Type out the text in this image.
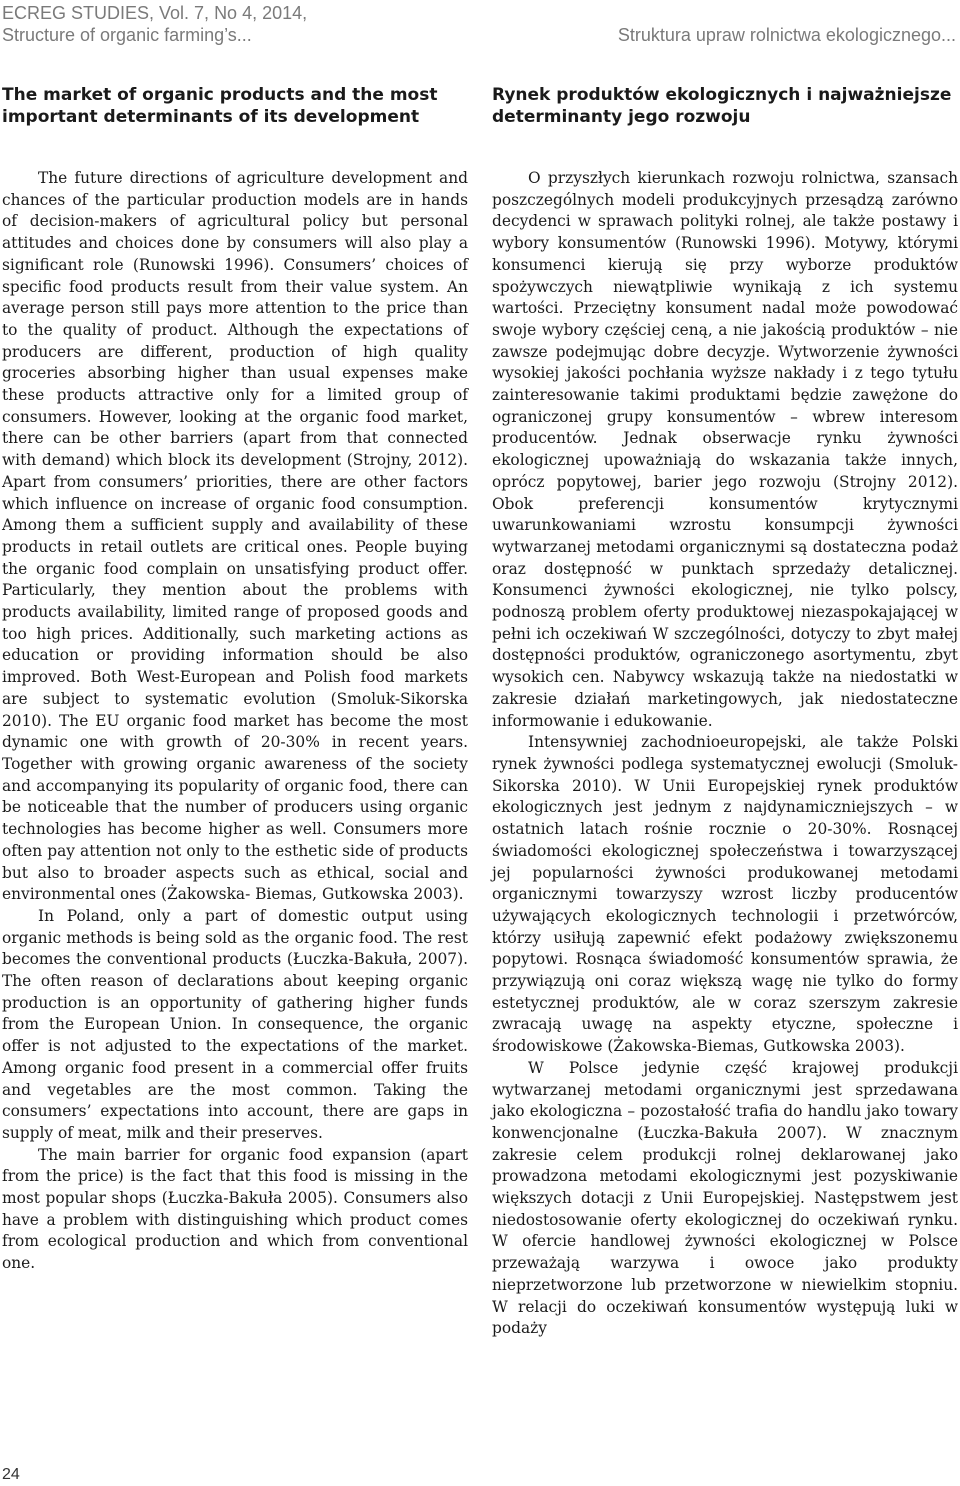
ECREG STUDIES, Vol. 7, No 4, 2014,
Structure of organic farming’s...	Struktura upraw rolnictwa ekologicznego...
The market of organic products and the most important determinants of its development

The future directions of agriculture development and chances of the particular production models are in hands of decision-makers of agricultural policy but personal attitudes and choices done by consumers will also play a significant role (Runowski 1996). Consumers’ choices of specific food products result from their value system. An average person still pays more attention to the price than to the quality of product. Although the expectations of producers are different, production of high quality groceries absorbing higher than usual expenses make these products attractive only for a limited group of consumers. However, looking at the organic food market, there can be other barriers (apart from that connected with demand) which block its development (Strojny, 2012). Apart from consumers’ priorities, there are other factors which influence on increase of organic food consumption. Among them a sufficient supply and availability of these products in retail outlets are critical ones. People buying the organic food complain on unsatisfying product offer. Particularly, they mention about the problems with products availability, limited range of proposed goods and too high prices. Additionally, such marketing actions as education or providing information should be also improved. Both West-European and Polish food markets are subject to systematic evolution (Smoluk-Sikorska 2010). The EU organic food market has become the most dynamic one with growth of 20-30% in recent years. Together with growing organic awareness of the society and accompanying its popularity of organic food, there can be noticeable that the number of producers using organic technologies has become higher as well. Consumers more often pay attention not only to the esthetic side of products but also to broader aspects such as ethical, social and environmental ones (Żakowska- Biemas, Gutkowska 2003).

In Poland, only a part of domestic output using organic methods is being sold as the organic food. The rest becomes the conventional products (Łuczka-Bakuła, 2007). The often reason of declarations about keeping organic production is an opportunity of gathering higher funds from the European Union. In consequence, the organic offer is not adjusted to the expectations of the market. Among organic food present in a commercial offer fruits and vegetables are the most common. Taking the consumers’ expectations into account, there are gaps in supply of meat, milk and their preserves.

The main barrier for organic food expansion (apart from the price) is the fact that this food is missing in the most popular shops (Łuczka-Bakuła 2005). Consumers also have a problem with distinguishing which product comes from ecological production and which from conventional one.

Rynek produktów ekologicznych i najważniejsze determinanty jego rozwoju

O przyszłych kierunkach rozwoju rolnictwa, szansach poszczególnych modeli produkcyjnych przesądzą zarówno decydenci w sprawach polityki rolnej, ale także postawy i wybory konsumentów (Runowski 1996). Motywy, którymi konsumenci kierują się przy wyborze produktów spożywczych niewątpliwie wynikają z ich systemu wartości. Przeciętny konsument nadal może powodować swoje wybory częściej ceną, a nie jakością produktów – nie zawsze podejmując dobre decyzje. Wytworzenie żywności wysokiej jakości pochłania wyższe nakłady i z tego tytułu zainteresowanie takimi produktami będzie zawężone do ograniczonej grupy konsumentów – wbrew interesom producentów. Jednak obserwacje rynku żywności ekologicznej upoważniają do wskazania także innych, oprócz popytowej, barier jego rozwoju (Strojny 2012). Obok preferencji konsumentów krytycznymi uwarunkowaniami wzrostu konsumpcji żywności wytwarzanej metodami organicznymi są dostateczna podaż oraz dostępność w punktach sprzedaży detalicznej. Konsumenci żywności ekologicznej, nie tylko polscy, podnoszą problem oferty produktowej niezaspokajającej w pełni ich oczekiwań W szczególności, dotyczy to zbyt małej dostępności produktów, ograniczonego asortymentu, zbyt wysokich cen. Nabywcy wskazują także na niedostatki w zakresie działań marketingowych, jak niedostateczne informowanie i edukowanie.

Intensywniej zachodnioeuropejski, ale także Polski rynek żywności podlega systematycznej ewolucji (Smoluk-Sikorska 2010). W Unii Europejskiej rynek produktów ekologicznych jest jednym z najdynamiczniejszych – w ostatnich latach rośnie rocznie o 20-30%. Rosnącej świadomości ekologicznej społeczeństwa i towarzyszącej jej popularności żywności produkowanej metodami organicznymi towarzyszy wzrost liczby producentów używających ekologicznych technologii i przetwórców, którzy usiłują zapewnić efekt podażowy zwiększonemu popytowi. Rosnąca świadomość konsumentów sprawia, że przywiązują oni coraz większą wagę nie tylko do formy estetycznej produktów, ale w coraz szerszym zakresie zwracają uwagę na aspekty etyczne, społeczne i środowiskowe (Żakowska-Biemas, Gutkowska 2003).

W Polsce jedynie część krajowej produkcji wytwarzanej metodami organicznymi jest sprzedawana jako ekologiczna – pozostałość trafia do handlu jako towary konwencjonalne (Łuczka-Bakuła 2007). W znacznym zakresie celem produkcji rolnej deklarowanej jako prowadzona metodami ekologicznymi jest pozyskiwanie większych dotacji z Unii Europejskiej. Następstwem jest niedostosowanie oferty ekologicznej do oczekiwań rynku. W ofercie handlowej żywności ekologicznej w Polsce przeważają warzywa i owoce jako produkty nieprzetworzone lub przetworzone w niewielkim stopniu. W relacji do oczekiwań konsumentów występują luki w podaży

24
